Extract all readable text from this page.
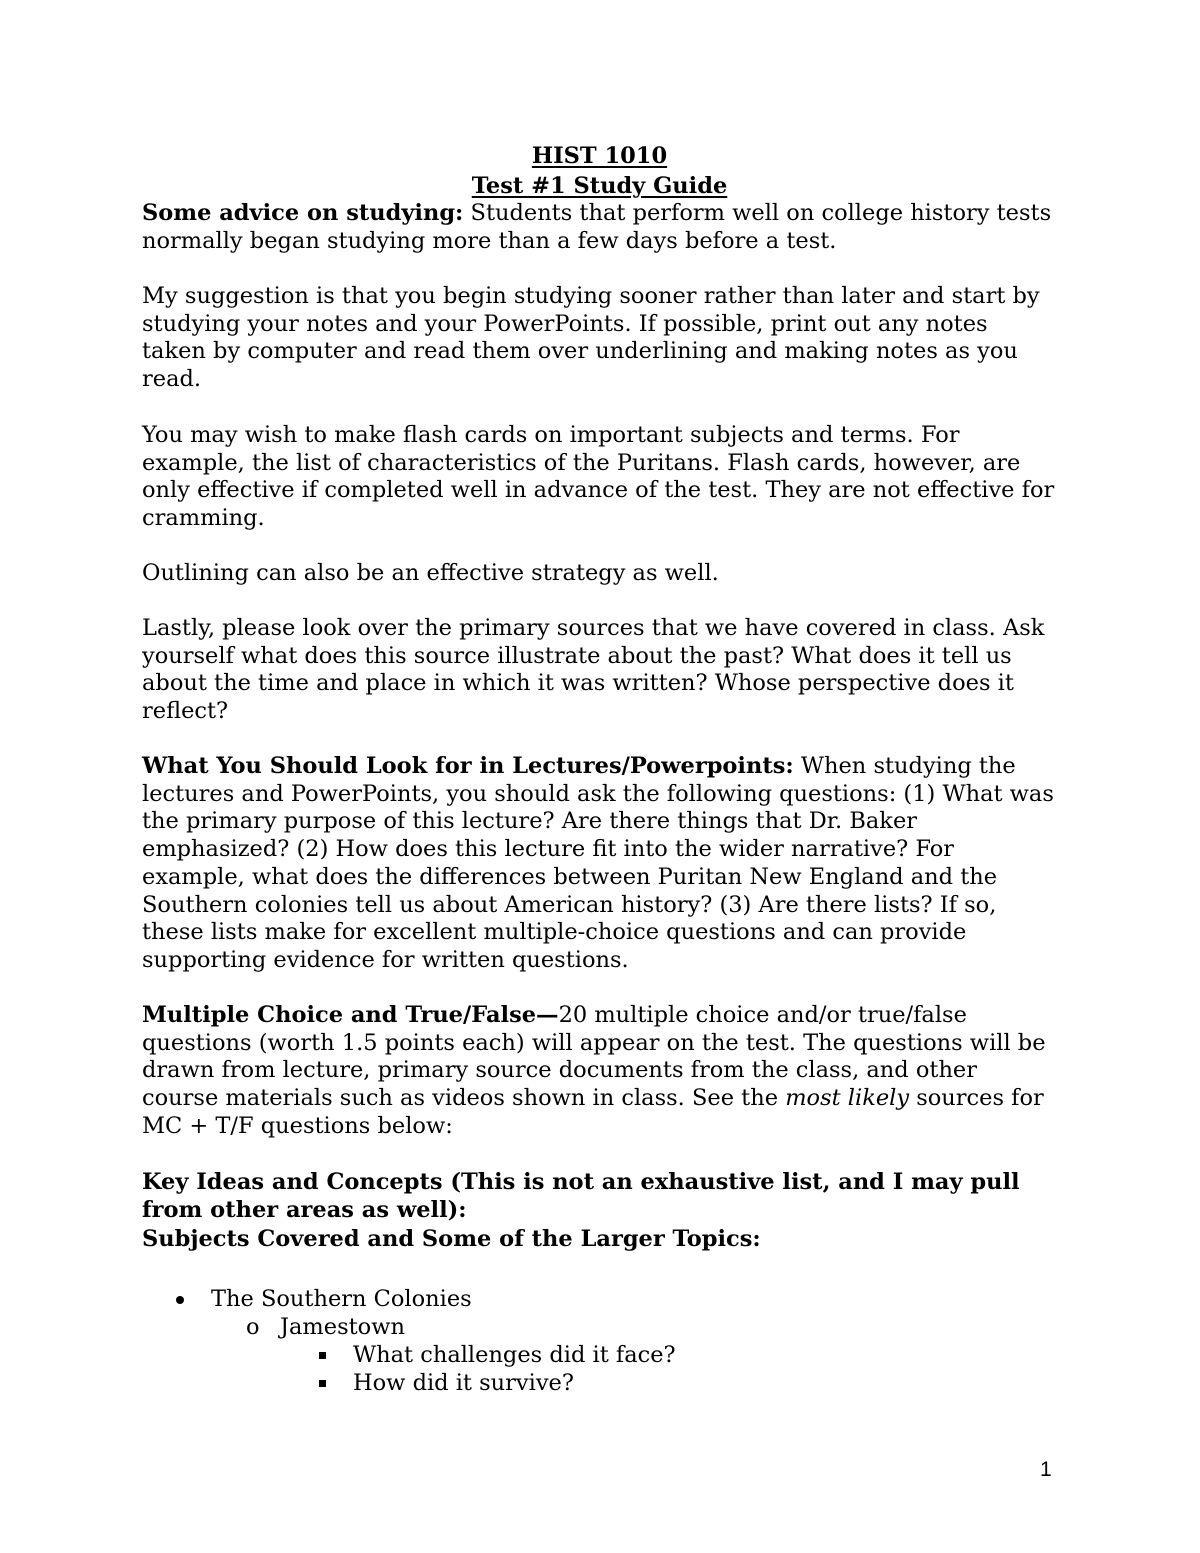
HIST 1010
Test #1 Study Guide

Some advice on studying: Students that perform well on college history tests normally began studying more than a few days before a test.

My suggestion is that you begin studying sooner rather than later and start by studying your notes and your PowerPoints. If possible, print out any notes taken by computer and read them over underlining and making notes as you read.

You may wish to make flash cards on important subjects and terms. For example, the list of characteristics of the Puritans. Flash cards, however, are only effective if completed well in advance of the test. They are not effective for cramming.

Outlining can also be an effective strategy as well.

Lastly, please look over the primary sources that we have covered in class. Ask yourself what does this source illustrate about the past? What does it tell us about the time and place in which it was written? Whose perspective does it reflect?

What You Should Look for in Lectures/Powerpoints: When studying the lectures and PowerPoints, you should ask the following questions: (1) What was the primary purpose of this lecture? Are there things that Dr. Baker emphasized? (2) How does this lecture fit into the wider narrative? For example, what does the differences between Puritan New England and the Southern colonies tell us about American history? (3) Are there lists? If so, these lists make for excellent multiple-choice questions and can provide supporting evidence for written questions.

Multiple Choice and True/False—20 multiple choice and/or true/false questions (worth 1.5 points each) will appear on the test. The questions will be drawn from lecture, primary source documents from the class, and other course materials such as videos shown in class. See the most likely sources for MC + T/F questions below:

Key Ideas and Concepts (This is not an exhaustive list, and I may pull from other areas as well):

Subjects Covered and Some of the Larger Topics:

The Southern Colonies
o Jamestown
What challenges did it face?
How did it survive?
1
